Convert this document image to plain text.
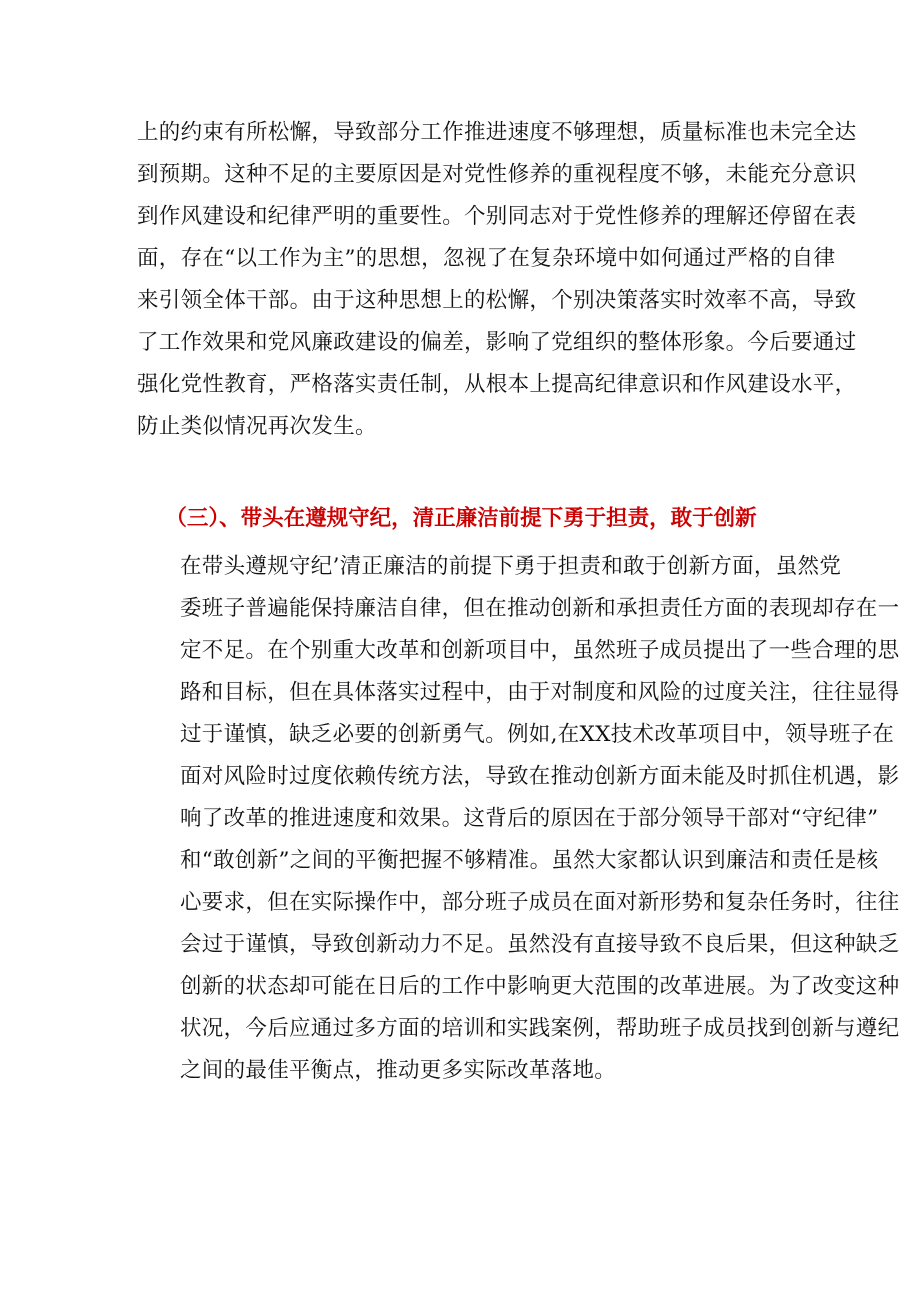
上的约束有所松懈，导致部分工作推进速度不够理想，质量标准也未完全达
到预期。这种不足的主要原因是对党性修养的重视程度不够，未能充分意识
到作风建设和纪律严明的重要性。个别同志对于党性修养的理解还停留在表
面，存在“以工作为主”的思想，忽视了在复杂环境中如何通过严格的自律
来引领全体干部。由于这种思想上的松懈，个别决策落实时效率不高，导致
了工作效果和党风廉政建设的偏差，影响了党组织的整体形象。今后要通过
强化党性教育，严格落实责任制，从根本上提高纪律意识和作风建设水平，
防止类似情况再次发生。
（三）、带头在遵规守纪，清正廉洁前提下勇于担责，敢于创新
在带头遵规守纪’清正廉洁的前提下勇于担责和敢于创新方面，虽然党
委班子普遍能保持廉洁自律，但在推动创新和承担责任方面的表现却存在一
定不足。在个别重大改革和创新项目中，虽然班子成员提出了一些合理的思
路和目标，但在具体落实过程中，由于对制度和风险的过度关注，往往显得
过于谨慎，缺乏必要的创新勇气。例如,在XX技术改革项目中，领导班子在
面对风险时过度依赖传统方法，导致在推动创新方面未能及时抓住机遇，影
响了改革的推进速度和效果。这背后的原因在于部分领导干部对“守纪律”
和“敢创新”之间的平衡把握不够精准。虽然大家都认识到廉洁和责任是核
心要求，但在实际操作中，部分班子成员在面对新形势和复杂任务时，往往
会过于谨慎，导致创新动力不足。虽然没有直接导致不良后果，但这种缺乏
创新的状态却可能在日后的工作中影响更大范围的改革进展。为了改变这种
状况，今后应通过多方面的培训和实践案例，帮助班子成员找到创新与遵纪
之间的最佳平衡点，推动更多实际改革落地。
